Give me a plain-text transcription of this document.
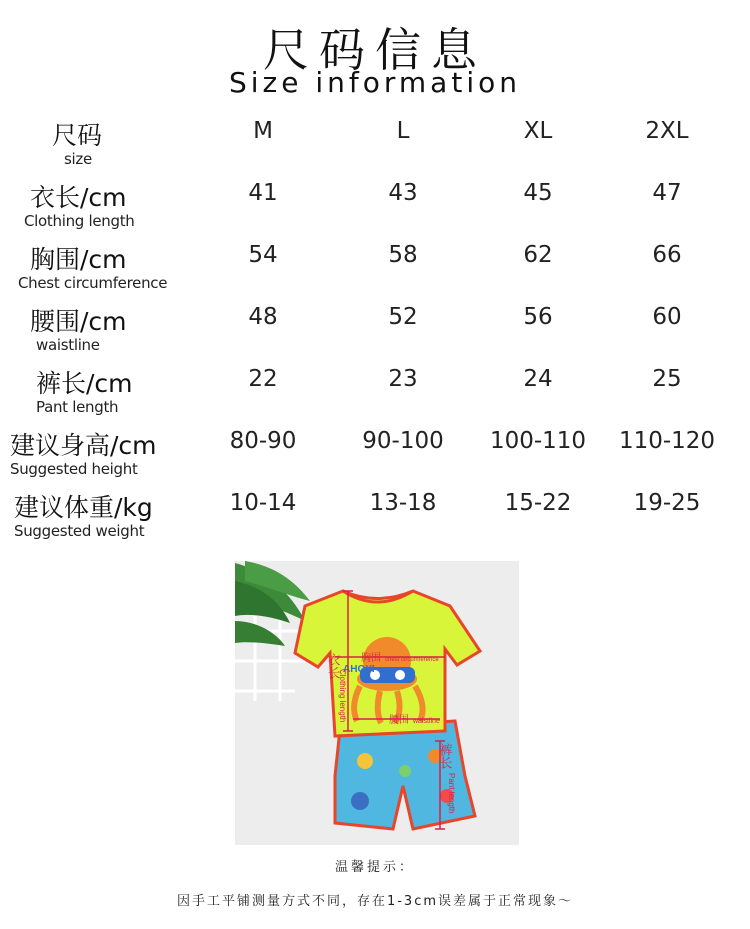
尺码信息
Size information
尺码
size
M	L	XL	2XL
衣长/cm
Clothing length
41	43	45	47
胸围/cm
Chest circumference
54	58	62	66
腰围/cm
waistline
48	52	56	60
裤长/cm
Pant length
22	23	24	25
建议身高/cm
Suggested height
80-90	90-100	100-110	110-120
建议体重/kg
Suggested weight
10-14	13-18	15-22	19-25
AHOYI
衣长
Clothing length
胸围 chest circumference
腰围 waistline
裤长
Pant length
温馨提示：
因手工平铺测量方式不同，存在1-3cm误差属于正常现象～
